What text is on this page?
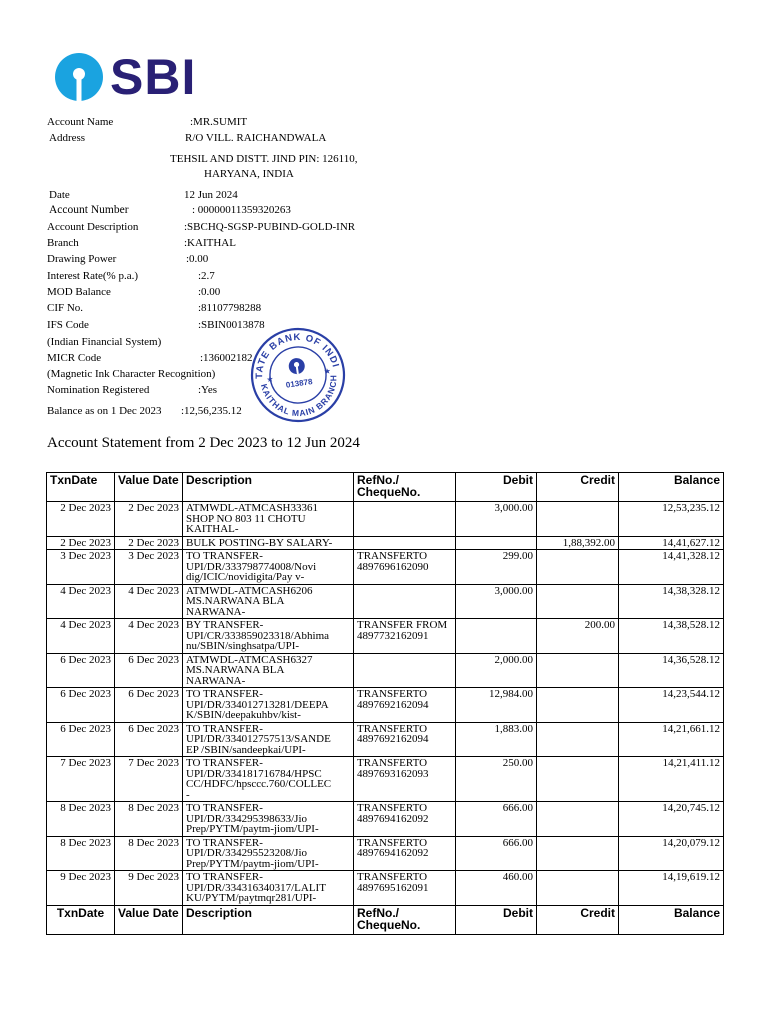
SBI
Account Name	:MR.SUMIT
Address	R/O VILL. RAICHANDWALA
TEHSIL AND DISTT. JIND PIN: 126110,
HARYANA, INDIA
Date	12 Jun 2024
Account Number	: 00000011359320263
Account Description	:SBCHQ-SGSP-PUBIND-GOLD-INR
Branch	:KAITHAL
Drawing Power	:0.00
Interest Rate(% p.a.)	:2.7
MOD Balance	:0.00
CIF No.	:81107798288
IFS Code	:SBIN0013878
(Indian Financial System)
MICR Code	:136002182
(Magnetic Ink Character Recognition)
Nomination Registered	:Yes
Balance as on 1 Dec 2023 :12,56,235.12
STATE BANK OF INDIA
KAITHAL MAIN BRANCH
★
★
013878
Account Statement from 2 Dec 2023 to 12 Jun 2024
TxnDate	Value Date	Description	RefNo./ ChequeNo.	Debit	Credit	Balance
2 Dec 2023	2 Dec 2023	ATMWDL-ATMCASH33361
SHOP NO 803 11 CHOTU
KAITHAL-		3,000.00		12,53,235.12
2 Dec 2023	2 Dec 2023	BULK POSTING-BY SALARY-			1,88,392.00	14,41,627.12
3 Dec 2023	3 Dec 2023	TO TRANSFER-
UPI/DR/333798774008/Novi
dig/ICIC/novidigita/Pay v-	TRANSFERTO
4897696162090	299.00		14,41,328.12
4 Dec 2023	4 Dec 2023	ATMWDL-ATMCASH6206
MS.NARWANA BLA
NARWANA-		3,000.00		14,38,328.12
4 Dec 2023	4 Dec 2023	BY TRANSFER-
UPI/CR/333859023318/Abhima
nu/SBIN/singhsatpa/UPI-	TRANSFER FROM
4897732162091		200.00	14,38,528.12
6 Dec 2023	6 Dec 2023	ATMWDL-ATMCASH6327
MS.NARWANA BLA
NARWANA-		2,000.00		14,36,528.12
6 Dec 2023	6 Dec 2023	TO TRANSFER-
UPI/DR/334012713281/DEEPA
K/SBIN/deepakuhbv/kist-	TRANSFERTO
4897692162094	12,984.00		14,23,544.12
6 Dec 2023	6 Dec 2023	TO TRANSFER-
UPI/DR/334012757513/SANDE
EP /SBIN/sandeepkai/UPI-	TRANSFERTO
4897692162094	1,883.00		14,21,661.12
7 Dec 2023	7 Dec 2023	TO TRANSFER-
UPI/DR/334181716784/HPSC
CC/HDFC/hpsccc.760/COLLEC
-	TRANSFERTO
4897693162093	250.00		14,21,411.12
8 Dec 2023	8 Dec 2023	TO TRANSFER-
UPI/DR/334295398633/Jio
Prep/PYTM/paytm-jiom/UPI-	TRANSFERTO
4897694162092	666.00		14,20,745.12
8 Dec 2023	8 Dec 2023	TO TRANSFER-
UPI/DR/334295523208/Jio
Prep/PYTM/paytm-jiom/UPI-	TRANSFERTO
4897694162092	666.00		14,20,079.12
9 Dec 2023	9 Dec 2023	TO TRANSFER-
UPI/DR/334316340317/LALIT
KU/PYTM/paytmqr281/UPI-	TRANSFERTO
4897695162091	460.00		14,19,619.12
TxnDate	Value Date	Description	RefNo./ ChequeNo.	Debit	Credit	Balance
